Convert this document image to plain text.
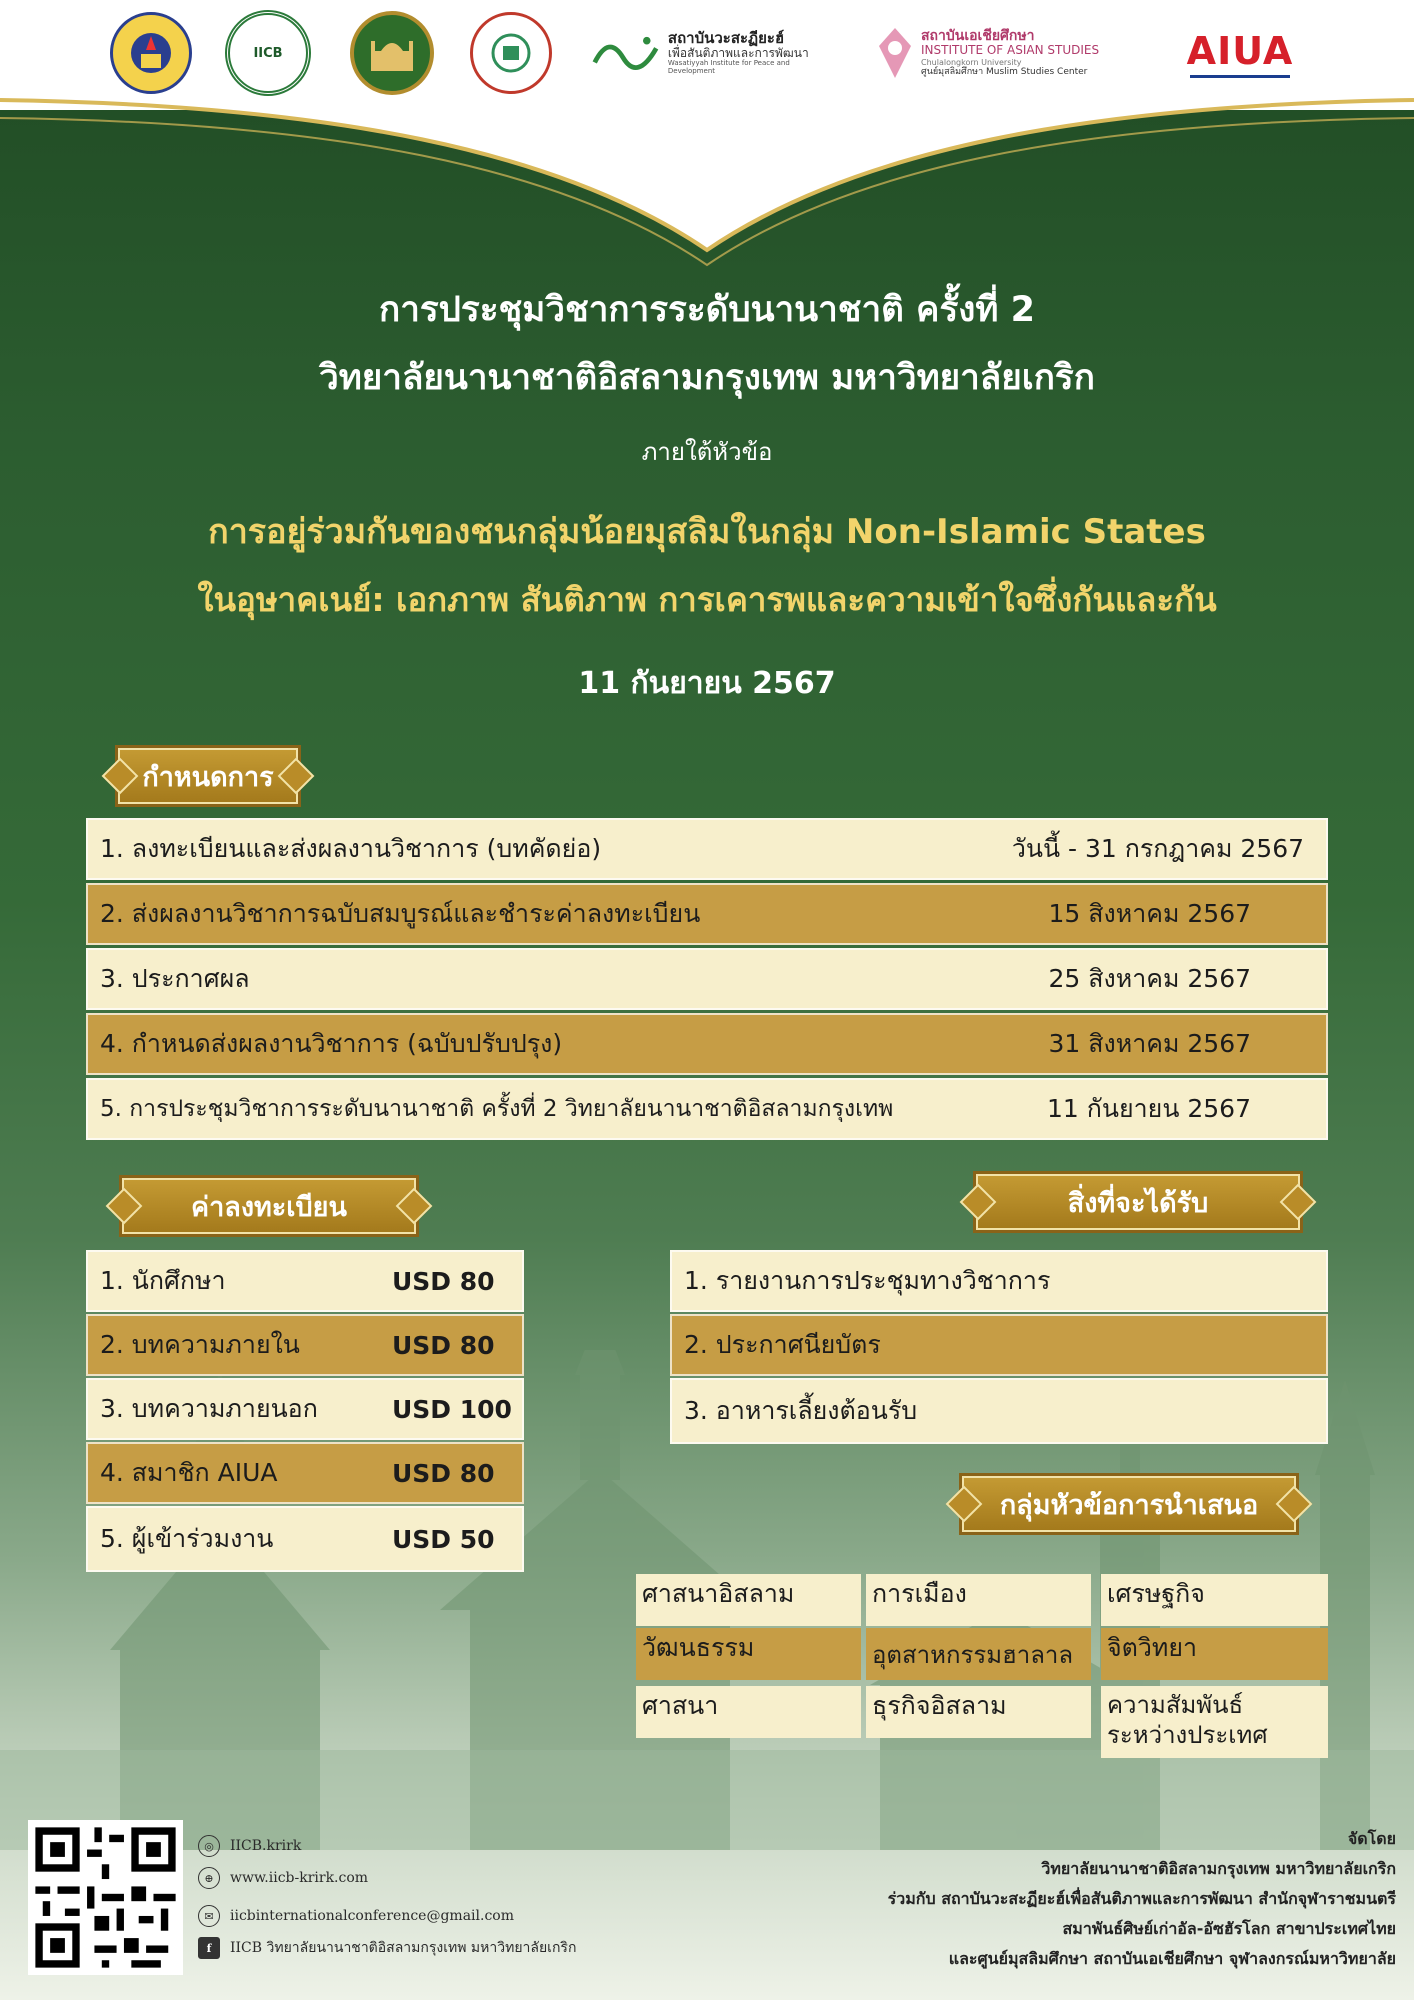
IICB
สถาบันวะสะฏียะฮ์
เพื่อสันติภาพและการพัฒนา
Wasatiyyah Institute for Peace and Development
สถาบันเอเชียศึกษา
INSTITUTE OF ASIAN STUDIES
Chulalongkorn University
ศูนย์มุสลิมศึกษา Muslim Studies Center	AIUA
การประชุมวิชาการระดับนานาชาติ ครั้งที่ 2
วิทยาลัยนานาชาติอิสลามกรุงเทพ มหาวิทยาลัยเกริก
ภายใต้หัวข้อ
การอยู่ร่วมกันของชนกลุ่มน้อยมุสลิมในกลุ่ม Non-Islamic States
ในอุษาคเนย์: เอกภาพ สันติภาพ การเคารพและความเข้าใจซึ่งกันและกัน
11 กันยายน 2567
กำหนดการ
1. ลงทะเบียนและส่งผลงานวิชาการ (บทคัดย่อ)	วันนี้ - 31 กรกฎาคม 2567
2. ส่งผลงานวิชาการฉบับสมบูรณ์และชำระค่าลงทะเบียน	15 สิงหาคม 2567
3. ประกาศผล	25 สิงหาคม 2567
4. กำหนดส่งผลงานวิชาการ (ฉบับปรับปรุง)	31 สิงหาคม 2567
5. การประชุมวิชาการระดับนานาชาติ ครั้งที่ 2 วิทยาลัยนานาชาติอิสลามกรุงเทพ	11 กันยายน 2567
ค่าลงทะเบียน
1. นักศึกษา	USD 80
2. บทความภายใน	USD 80
3. บทความภายนอก	USD 100
4. สมาชิก AIUA	USD 80
5. ผู้เข้าร่วมงาน	USD 50
สิ่งที่จะได้รับ
1. รายงานการประชุมทางวิชาการ
2. ประกาศนียบัตร
3. อาหารเลี้ยงต้อนรับ
กลุ่มหัวข้อการนำเสนอ
ศาสนาอิสลาม	การเมือง	เศรษฐกิจ
วัฒนธรรม	อุตสาหกรรมฮาลาล	จิตวิทยา
ศาสนา	ธุรกิจอิสลาม	ความสัมพันธ์
ระหว่างประเทศ
◎	IICB.krirk
⊕	www.iicb-krirk.com
✉	iicbinternationalconference@gmail.com
f	IICB วิทยาลัยนานาชาติอิสลามกรุงเทพ มหาวิทยาลัยเกริก
จัดโดย
วิทยาลัยนานาชาติอิสลามกรุงเทพ มหาวิทยาลัยเกริก
ร่วมกับ สถาบันวะสะฏียะฮ์เพื่อสันติภาพและการพัฒนา สำนักจุฬาราชมนตรี
สมาพันธ์ศิษย์เก่าอัล-อัซฮัรโลก สาขาประเทศไทย
และศูนย์มุสลิมศึกษา สถาบันเอเชียศึกษา จุฬาลงกรณ์มหาวิทยาลัย
